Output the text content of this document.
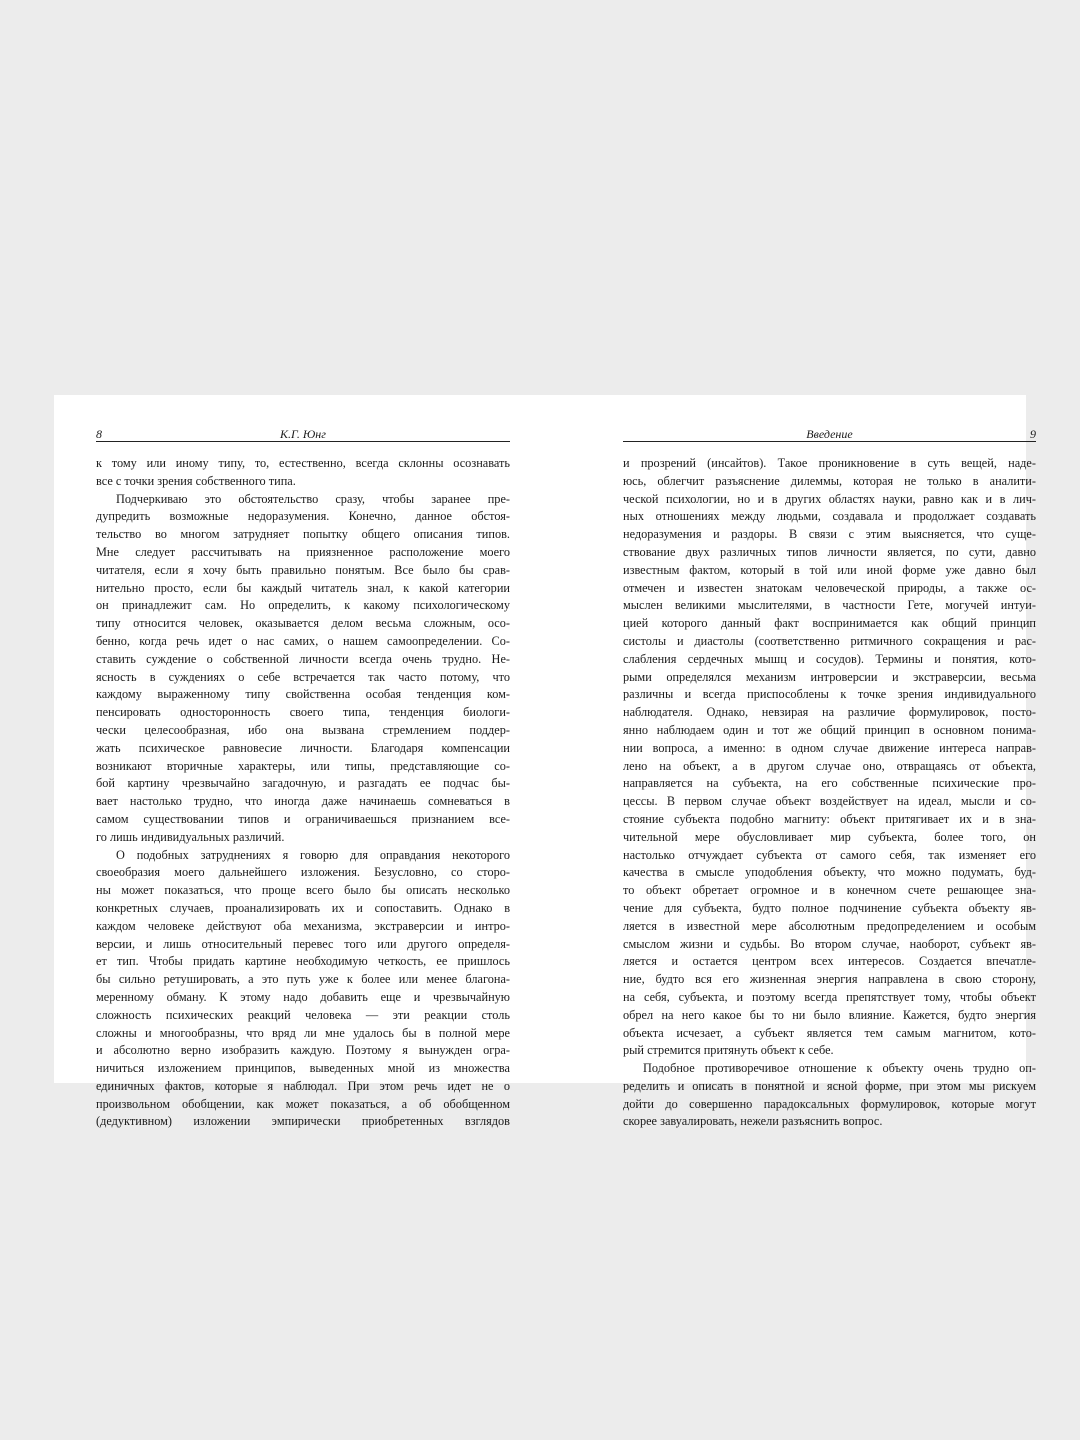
8	К.Г. Юнг
к тому или иному типу, то, естественно, всегда склонны осознавать
все с точки зрения собственного типа.
Подчеркиваю это обстоятельство сразу, чтобы заранее пре-
дупредить возможные недоразумения. Конечно, данное обстоя-
тельство во многом затрудняет попытку общего описания типов.
Мне следует рассчитывать на приязненное расположение моего
читателя, если я хочу быть правильно понятым. Все было бы срав-
нительно просто, если бы каждый читатель знал, к какой категории
он принадлежит сам. Но определить, к какому психологическому
типу относится человек, оказывается делом весьма сложным, осо-
бенно, когда речь идет о нас самих, о нашем самоопределении. Со-
ставить суждение о собственной личности всегда очень трудно. Не-
ясность в суждениях о себе встречается так часто потому, что
каждому выраженному типу свойственна особая тенденция ком-
пенсировать односторонность своего типа, тенденция биологи-
чески целесообразная, ибо она вызвана стремлением поддер-
жать психическое равновесие личности. Благодаря компенсации
возникают вторичные характеры, или типы, представляющие со-
бой картину чрезвычайно загадочную, и разгадать ее подчас бы-
вает настолько трудно, что иногда даже начинаешь сомневаться в
самом существовании типов и ограничиваешься признанием все-
го лишь индивидуальных различий.
О подобных затруднениях я говорю для оправдания некоторого
своеобразия моего дальнейшего изложения. Безусловно, со сторо-
ны может показаться, что проще всего было бы описать несколько
конкретных случаев, проанализировать их и сопоставить. Однако в
каждом человеке действуют оба механизма, экстраверсии и интро-
версии, и лишь относительный перевес того или другого определя-
ет тип. Чтобы придать картине необходимую четкость, ее пришлось
бы сильно ретушировать, а это путь уже к более или менее благона-
меренному обману. К этому надо добавить еще и чрезвычайную
сложность психических реакций человека — эти реакции столь
сложны и многообразны, что вряд ли мне удалось бы в полной мере
и абсолютно верно изобразить каждую. Поэтому я вынужден огра-
ничиться изложением принципов, выведенных мной из множества
единичных фактов, которые я наблюдал. При этом речь идет не о
произвольном обобщении, как может показаться, а об обобщенном
(дедуктивном) изложении эмпирически приобретенных взглядов
Введение	9
и прозрений (инсайтов). Такое проникновение в суть вещей, наде-
юсь, облегчит разъяснение дилеммы, которая не только в аналити-
ческой психологии, но и в других областях науки, равно как и в лич-
ных отношениях между людьми, создавала и продолжает создавать
недоразумения и раздоры. В связи с этим выясняется, что суще-
ствование двух различных типов личности является, по сути, давно
известным фактом, который в той или иной форме уже давно был
отмечен и известен знатокам человеческой природы, а также ос-
мыслен великими мыслителями, в частности Гете, могучей интуи-
цией которого данный факт воспринимается как общий принцип
систолы и диастолы (соответственно ритмичного сокращения и рас-
слабления сердечных мышц и сосудов). Термины и понятия, кото-
рыми определялся механизм интроверсии и экстраверсии, весьма
различны и всегда приспособлены к точке зрения индивидуального
наблюдателя. Однако, невзирая на различие формулировок, посто-
янно наблюдаем один и тот же общий принцип в основном понима-
нии вопроса, а именно: в одном случае движение интереса направ-
лено на объект, а в другом случае оно, отвращаясь от объекта,
направляется на субъекта, на его собственные психические про-
цессы. В первом случае объект воздействует на идеал, мысли и со-
стояние субъекта подобно магниту: объект притягивает их и в зна-
чительной мере обусловливает мир субъекта, более того, он
настолько отчуждает субъекта от самого себя, так изменяет его
качества в смысле уподобления объекту, что можно подумать, буд-
то объект обретает огромное и в конечном счете решающее зна-
чение для субъекта, будто полное подчинение субъекта объекту яв-
ляется в известной мере абсолютным предопределением и особым
смыслом жизни и судьбы. Во втором случае, наоборот, субъект яв-
ляется и остается центром всех интересов. Создается впечатле-
ние, будто вся его жизненная энергия направлена в свою сторону,
на себя, субъекта, и поэтому всегда препятствует тому, чтобы объект
обрел на него какое бы то ни было влияние. Кажется, будто энергия
объекта исчезает, а субъект является тем самым магнитом, кото-
рый стремится притянуть объект к себе.
Подобное противоречивое отношение к объекту очень трудно оп-
ределить и описать в понятной и ясной форме, при этом мы рискуем
дойти до совершенно парадоксальных формулировок, которые могут
скорее завуалировать, нежели разъяснить вопрос.
